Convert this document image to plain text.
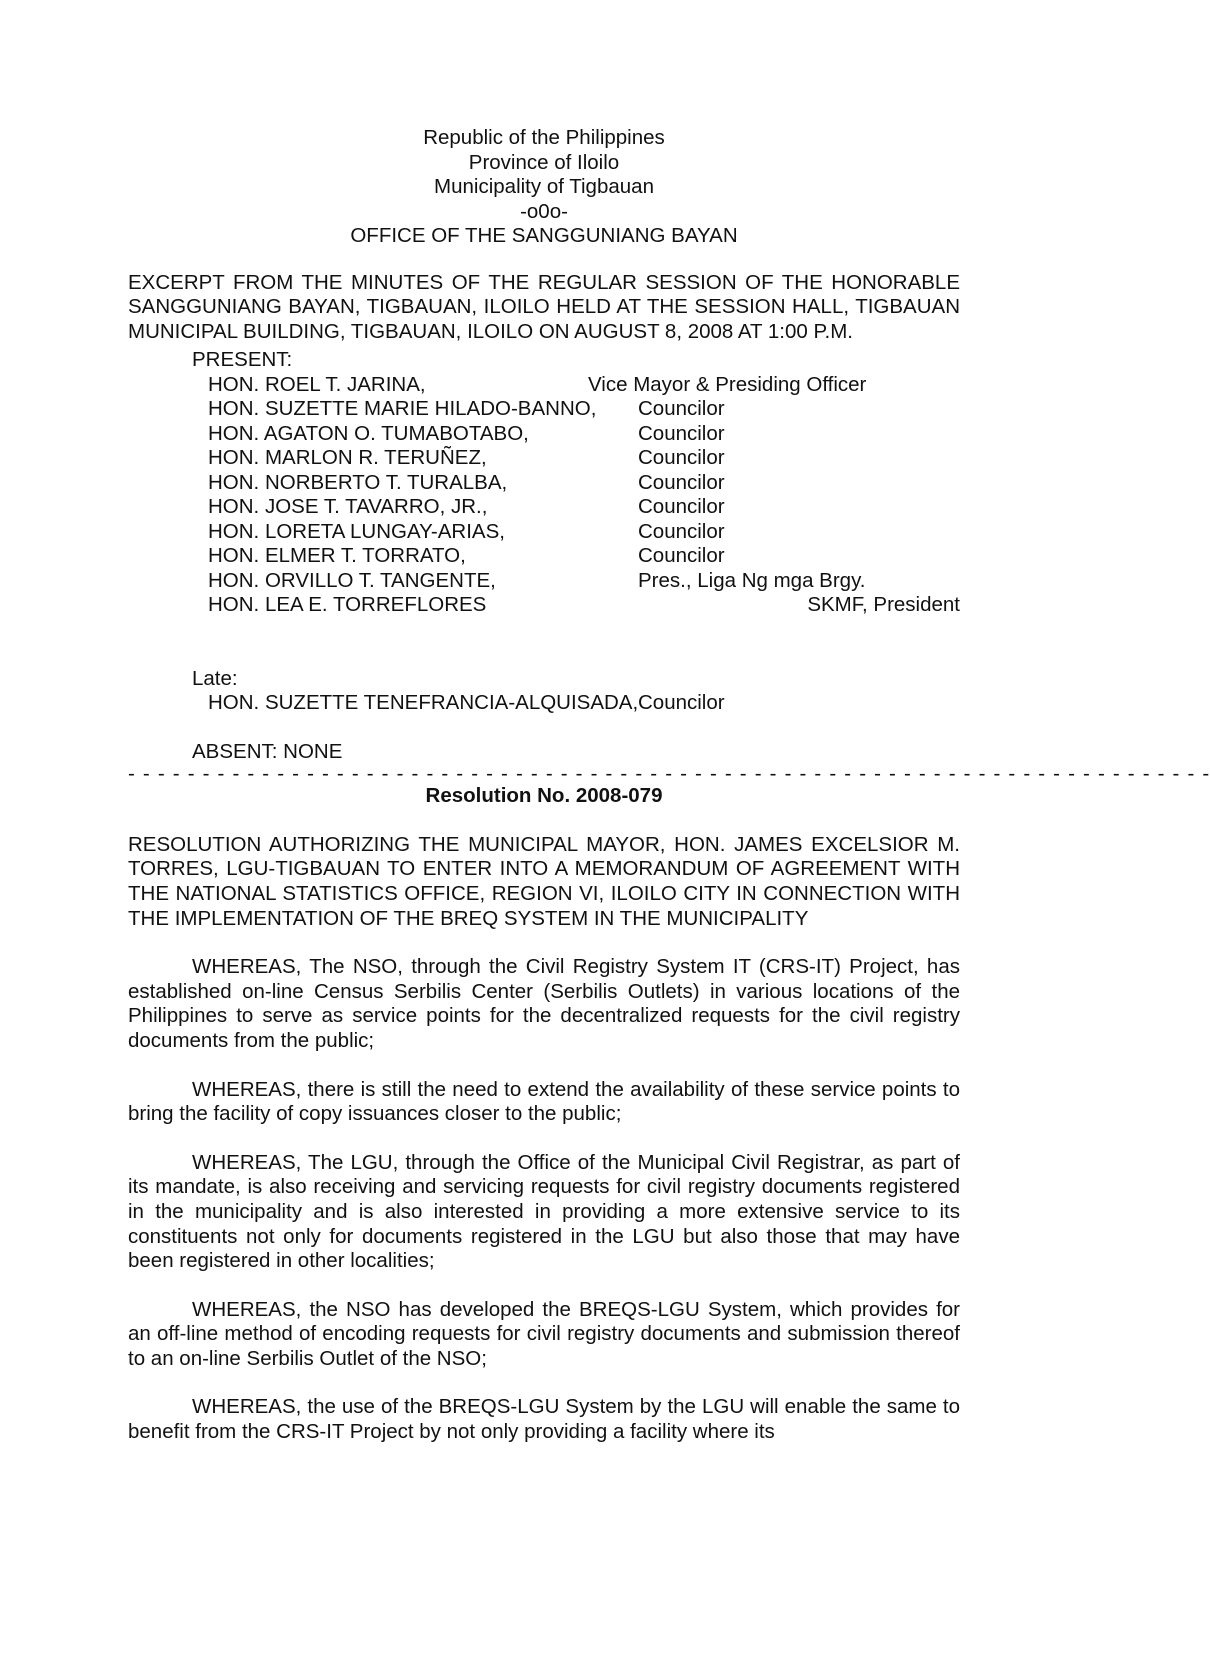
Republic of the Philippines
Province of Iloilo
Municipality of Tigbauan
-o0o-
OFFICE OF THE SANGGUNIANG BAYAN
EXCERPT FROM THE MINUTES OF THE REGULAR SESSION OF THE HONORABLE SANGGUNIANG BAYAN, TIGBAUAN, ILOILO HELD AT THE SESSION HALL, TIGBAUAN MUNICIPAL BUILDING, TIGBAUAN, ILOILO ON AUGUST 8, 2008 AT 1:00 P.M.
PRESENT:
HON. ROEL T. JARINA,	Vice Mayor & Presiding Officer
HON. SUZETTE MARIE HILADO-BANNO,	Councilor
HON. AGATON O. TUMABOTABO,	Councilor
HON. MARLON R. TERUÑEZ,	Councilor
HON. NORBERTO T. TURALBA,	Councilor
HON. JOSE T. TAVARRO, JR.,	Councilor
HON. LORETA LUNGAY-ARIAS,	Councilor
HON. ELMER T. TORRATO,	Councilor
HON. ORVILLO T. TANGENTE,	Pres., Liga Ng mga Brgy.
HON. LEA E. TORREFLORES	SKMF, President
Late:
HON. SUZETTE TENEFRANCIA-ALQUISADA, Councilor
ABSENT: NONE
- - - - - - - - - - - - - - - - - - - - - - - - - - - - - - - - - - - - - - - - - - - - - - - - - - - - - - - - - - - - - - - - - - - - - - - - -
Resolution No. 2008-079
RESOLUTION AUTHORIZING THE MUNICIPAL MAYOR, HON. JAMES EXCELSIOR M. TORRES, LGU-TIGBAUAN TO ENTER INTO A MEMORANDUM OF AGREEMENT WITH THE NATIONAL STATISTICS OFFICE, REGION VI, ILOILO CITY IN CONNECTION WITH THE IMPLEMENTATION OF THE BREQ SYSTEM IN THE MUNICIPALITY
WHEREAS, The NSO, through the Civil Registry System IT (CRS-IT) Project, has established on-line Census Serbilis Center (Serbilis Outlets) in various locations of the Philippines to serve as service points for the decentralized requests for the civil registry documents from the public;
WHEREAS, there is still the need to extend the availability of these service points to bring the facility of copy issuances closer to the public;
WHEREAS, The LGU, through the Office of the Municipal Civil Registrar, as part of its mandate, is also receiving and servicing requests for civil registry documents registered in the municipality and is also interested in providing a more extensive service to its constituents not only for documents registered in the LGU but also those that may have been registered in other localities;
WHEREAS, the NSO has developed the BREQS-LGU System, which provides for an off-line method of encoding requests for civil registry documents and submission thereof to an on-line Serbilis Outlet of the NSO;
WHEREAS, the use of the BREQS-LGU System by the LGU will enable the same to benefit from the CRS-IT Project by not only providing a facility where its
